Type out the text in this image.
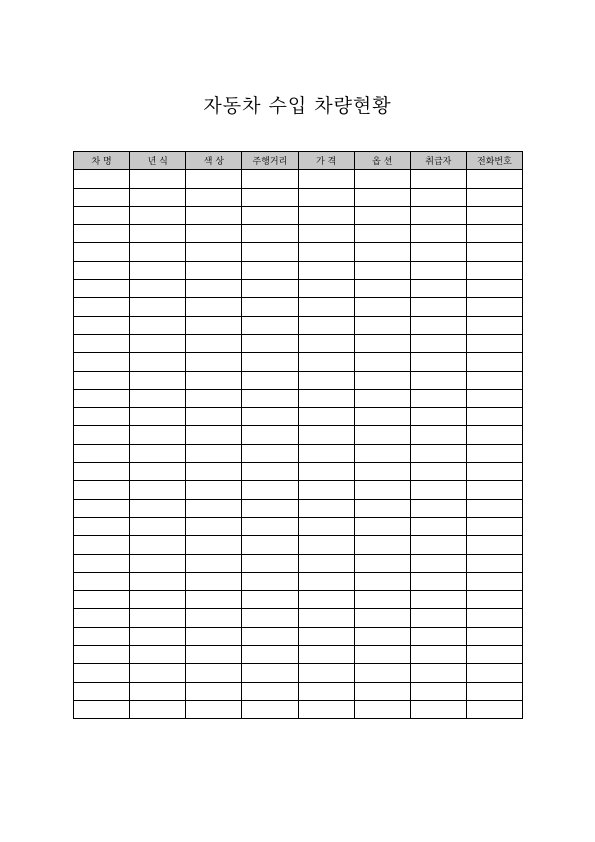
자동차 수입 차량현황
차 명	년 식	색 상	주행거리	가 격	옵 션	취급자	전화번호
